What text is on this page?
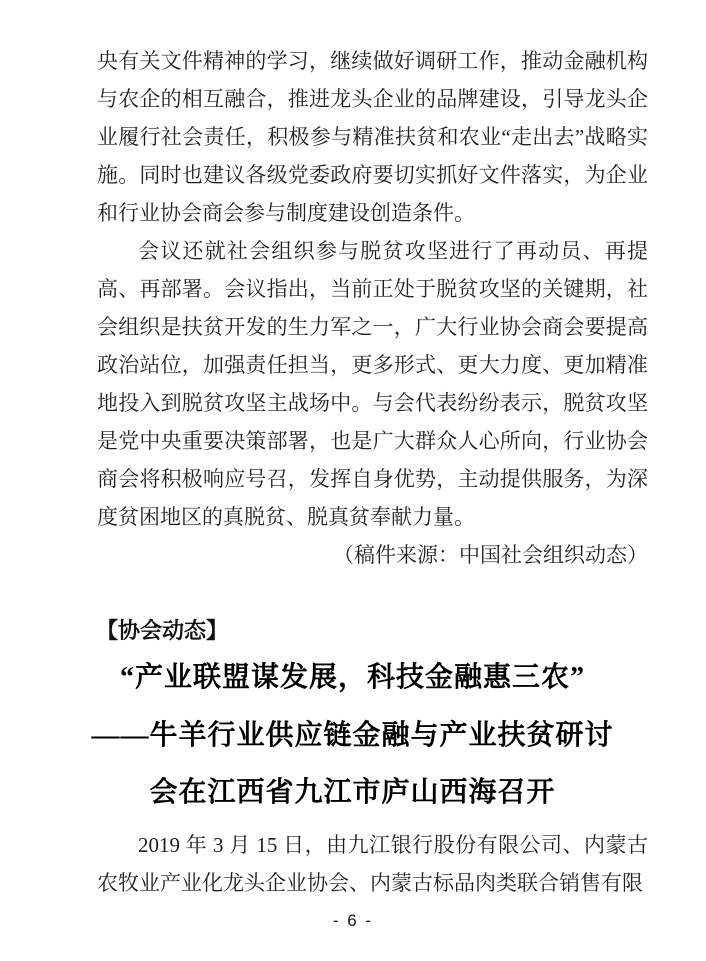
央有关文件精神的学习，继续做好调研工作，推动金融机构与农企的相互融合，推进龙头企业的品牌建设，引导龙头企业履行社会责任，积极参与精准扶贫和农业“走出去”战略实施。同时也建议各级党委政府要切实抓好文件落实，为企业和行业协会商会参与制度建设创造条件。

会议还就社会组织参与脱贫攻坚进行了再动员、再提高、再部署。会议指出，当前正处于脱贫攻坚的关键期，社会组织是扶贫开发的生力军之一，广大行业协会商会要提高政治站位，加强责任担当，更多形式、更大力度、更加精准地投入到脱贫攻坚主战场中。与会代表纷纷表示，脱贫攻坚是党中央重要决策部署，也是广大群众人心所向，行业协会商会将积极响应号召，发挥自身优势，主动提供服务，为深度贫困地区的真脱贫、脱真贫奉献力量。

（稿件来源：中国社会组织动态）

【协会动态】
“产业联盟谋发展，科技金融惠三农”
——牛羊行业供应链金融与产业扶贫研讨
会在江西省九江市庐山西海召开

2019 年 3 月 15 日，由九江银行股份有限公司、内蒙古农牧业产业化龙头企业协会、内蒙古标品肉类联合销售有限

- 6 -
